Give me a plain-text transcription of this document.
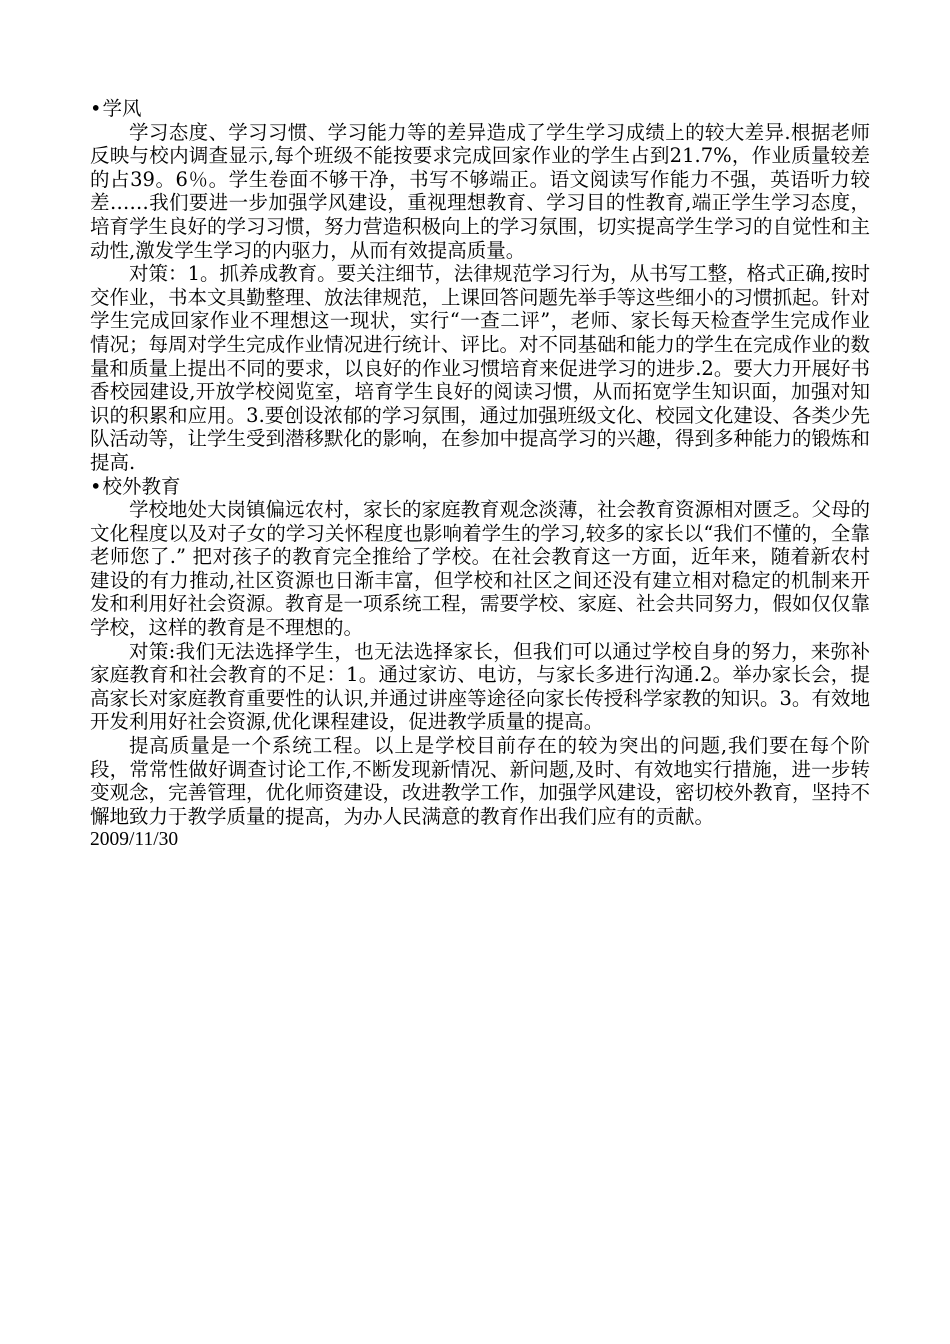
•学风

学习态度、学习习惯、学习能力等的差异造成了学生学习成绩上的较大差异.根据老师反映与校内调查显示,每个班级不能按要求完成回家作业的学生占到21.7%，作业质量较差的占39。6％。学生卷面不够干净，书写不够端正。语文阅读写作能力不强，英语听力较差……我们要进一步加强学风建设，重视理想教育、学习目的性教育,端正学生学习态度，培育学生良好的学习习惯，努力营造积极向上的学习氛围，切实提高学生学习的自觉性和主动性,激发学生学习的内驱力，从而有效提高质量。

对策：1。抓养成教育。要关注细节，法律规范学习行为，从书写工整，格式正确,按时交作业，书本文具勤整理、放法律规范，上课回答问题先举手等这些细小的习惯抓起。针对学生完成回家作业不理想这一现状，实行“一查二评”，老师、家长每天检查学生完成作业情况；每周对学生完成作业情况进行统计、评比。对不同基础和能力的学生在完成作业的数量和质量上提出不同的要求，以良好的作业习惯培育来促进学习的进步.2。要大力开展好书香校园建设,开放学校阅览室，培育学生良好的阅读习惯，从而拓宽学生知识面，加强对知识的积累和应用。3.要创设浓郁的学习氛围，通过加强班级文化、校园文化建设、各类少先队活动等，让学生受到潜移默化的影响，在参加中提高学习的兴趣，得到多种能力的锻炼和提高.

•校外教育

学校地处大岗镇偏远农村，家长的家庭教育观念淡薄，社会教育资源相对匮乏。父母的文化程度以及对子女的学习关怀程度也影响着学生的学习,较多的家长以“我们不懂的，全靠老师您了.” 把对孩子的教育完全推给了学校。在社会教育这一方面，近年来，随着新农村建设的有力推动,社区资源也日渐丰富，但学校和社区之间还没有建立相对稳定的机制来开发和利用好社会资源。教育是一项系统工程，需要学校、家庭、社会共同努力，假如仅仅靠学校，这样的教育是不理想的。

对策:我们无法选择学生，也无法选择家长，但我们可以通过学校自身的努力，来弥补家庭教育和社会教育的不足：1。通过家访、电访，与家长多进行沟通.2。举办家长会，提高家长对家庭教育重要性的认识,并通过讲座等途径向家长传授科学家教的知识。3。有效地开发利用好社会资源,优化课程建设，促进教学质量的提高。

提高质量是一个系统工程。以上是学校目前存在的较为突出的问题,我们要在每个阶段，常常性做好调查讨论工作,不断发现新情况、新问题,及时、有效地实行措施，进一步转变观念，完善管理，优化师资建设，改进教学工作，加强学风建设，密切校外教育，坚持不懈地致力于教学质量的提高，为办人民满意的教育作出我们应有的贡献。

2009/11/30
